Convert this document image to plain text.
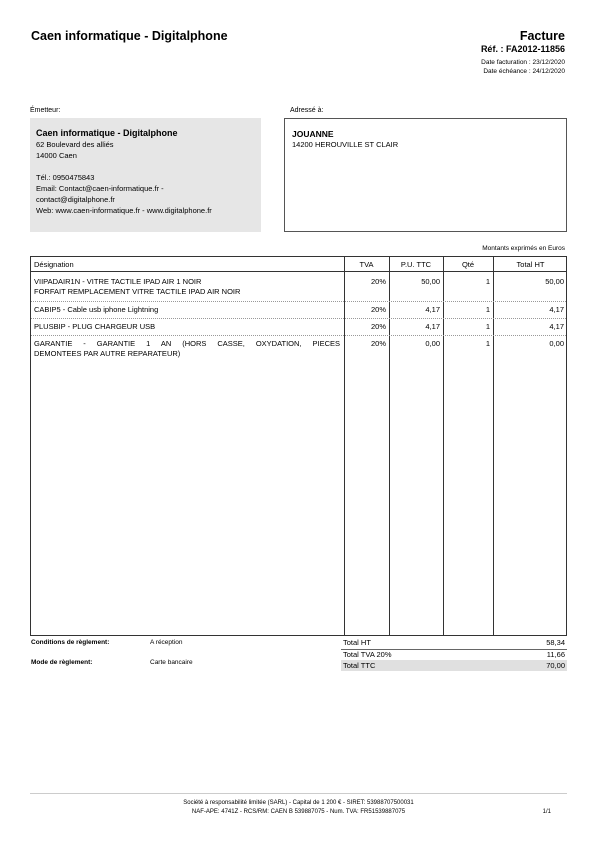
Caen informatique - Digitalphone	Facture
Réf. : FA2012-11856
Date facturation : 23/12/2020
Date échéance : 24/12/2020
Émetteur:	Adressé à:
Caen informatique - Digitalphone
62 Boulevard des alliés
14000 Caen
Tél.: 0950475843
Email: Contact@caen-informatique.fr -
contact@digitalphone.fr
Web: www.caen-informatique.fr - www.digitalphone.fr
JOUANNE
14200 HEROUVILLE ST CLAIR
Montants exprimés en Euros
Désignation	TVA	P.U. TTC	Qté	Total HT
VIIPADAIR1N - VITRE TACTILE IPAD AIR 1 NOIR
FORFAIT REMPLACEMENT VITRE TACTILE IPAD AIR NOIR
20%	50,00	1	50,00
CABIP5 - Cable usb iphone Lightning	20%	4,17	1	4,17
PLUSBIP - PLUG CHARGEUR USB	20%	4,17	1	4,17
GARANTIE - GARANTIE 1 AN (HORS CASSE, OXYDATION, PIECES
DEMONTEES PAR AUTRE REPARATEUR)
20%	0,00	1	0,00
Conditions de règlement:	A réception
Mode de règlement:	Carte bancaire
Total HT	58,34
Total TVA 20%	11,66
Total TTC	70,00
Société à responsabilité limitée (SARL) - Capital de 1 200 € - SIRET: 53988707500031
NAF-APE: 4741Z - RCS/RM: CAEN B 539887075 - Num. TVA: FR51539887075	1/1
